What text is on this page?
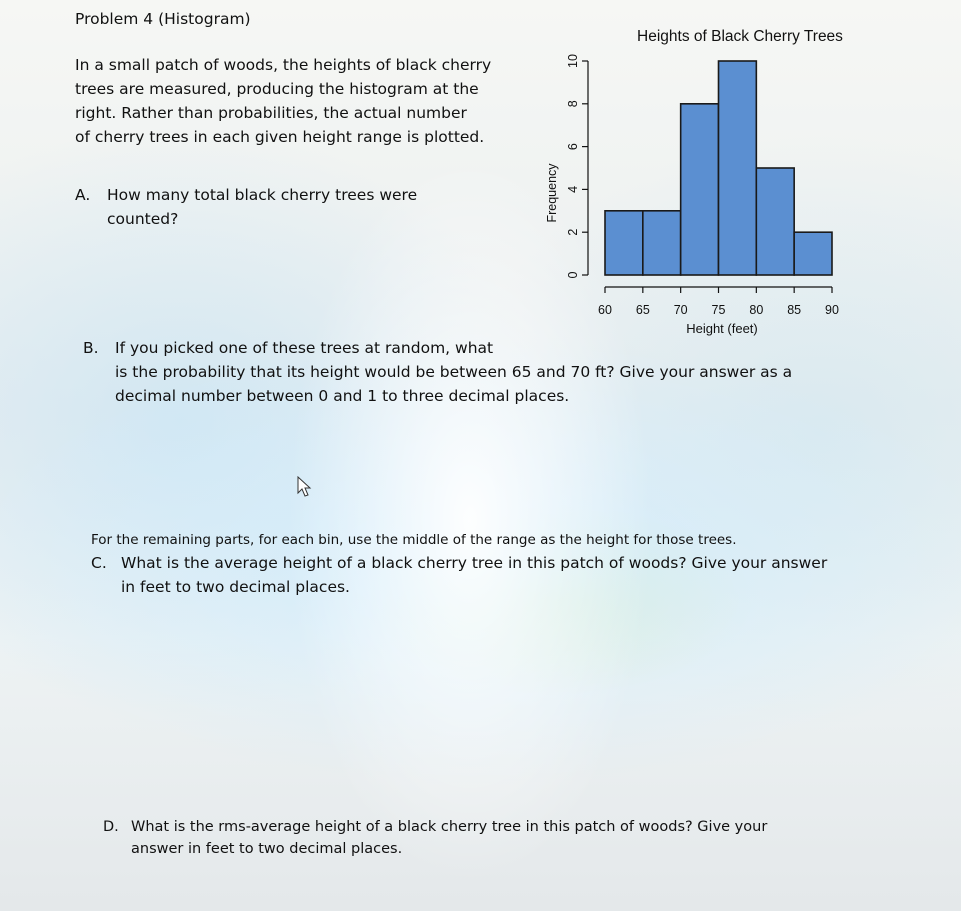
Problem 4 (Histogram)
In a small patch of woods, the heights of black cherry
trees are measured, producing the histogram at the
right. Rather than probabilities, the actual number
of cherry trees in each given height range is plotted.
A. How many total black cherry trees were
counted?
B. If you picked one of these trees at random, what
is the probability that its height would be between 65 and 70 ft? Give your answer as a
decimal number between 0 and 1 to three decimal places.
For the remaining parts, for each bin, use the middle of the range as the height for those trees.
C. What is the average height of a black cherry tree in this patch of woods? Give your answer
in feet to two decimal places.
D. What is the rms-average height of a black cherry tree in this patch of woods? Give your
answer in feet to two decimal places.
Heights of Black Cherry Trees
Frequency
Height (feet)
0
2
4
6
8
10
60 65 70 75 80 85 90
